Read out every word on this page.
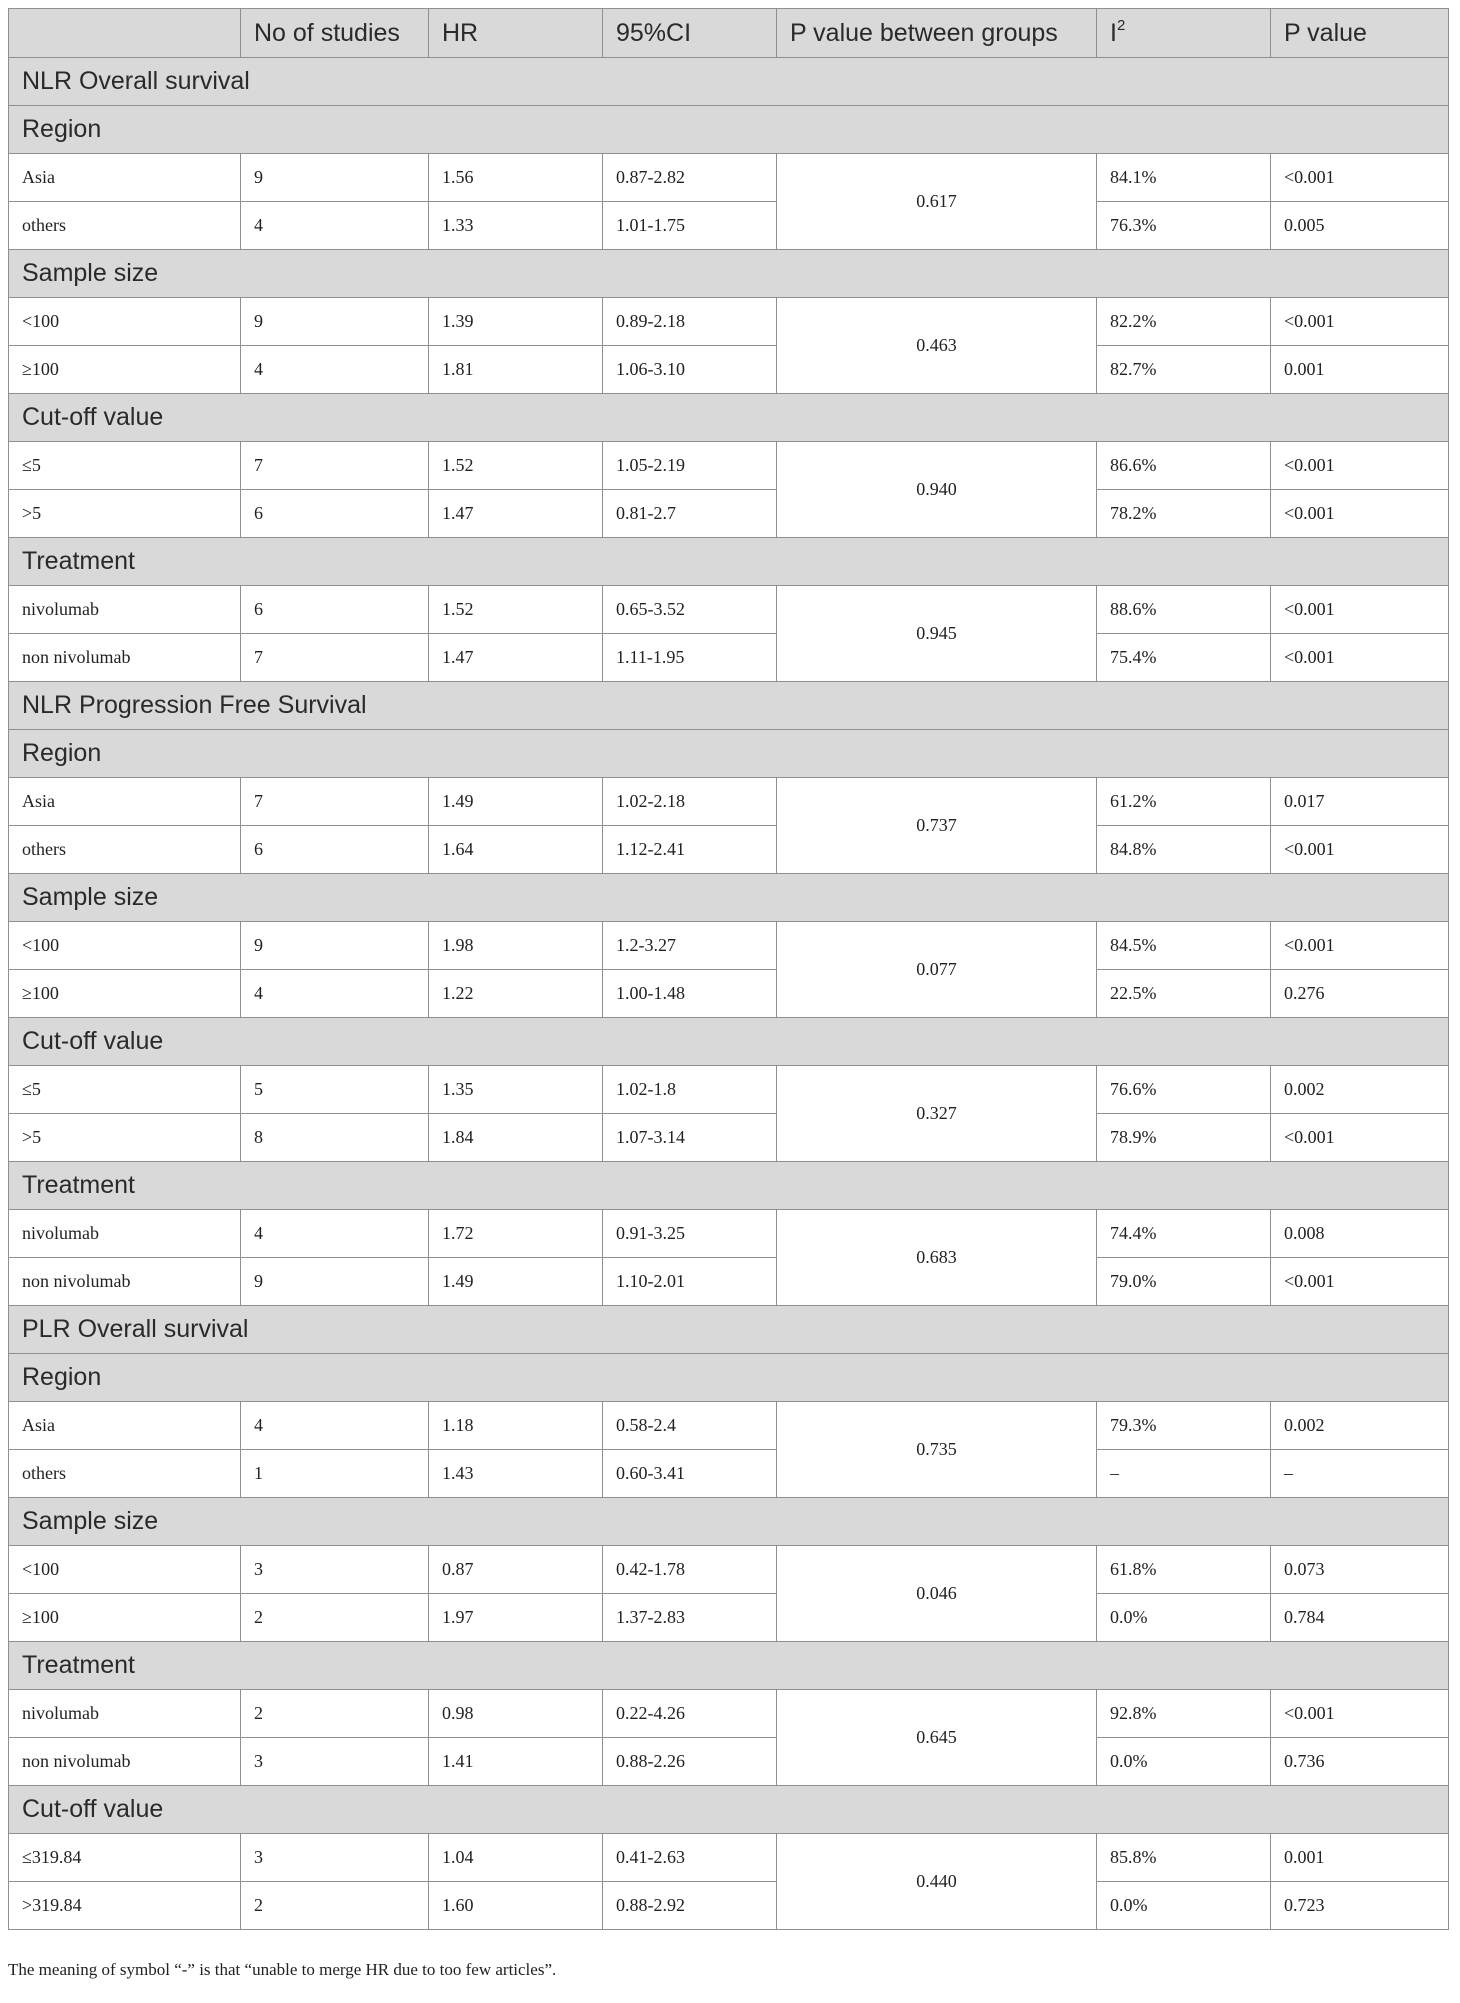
	No of studies	HR	95%CI	P value between groups	$I^2$	P value
NLR Overall survival						
Region						
Asia	9	1.56	0.87-2.82	0.617	84.1%	<0.001
others	4	1.33	1.01-1.75		76.3%	0.005
Sample size						
<100	9	1.39	0.89-2.18	0.463	82.2%	<0.001
≥100	4	1.81	1.06-3.10		82.7%	0.001
Cut-off value						
≤5	7	1.52	1.05-2.19	0.940	86.6%	<0.001
>5	6	1.47	0.81-2.7		78.2%	<0.001
Treatment						
nivolumab	6	1.52	0.65-3.52	0.945	88.6%	<0.001
non nivolumab	7	1.47	1.11-1.95		75.4%	<0.001
NLR Progression Free Survival						
Region						
Asia	7	1.49	1.02-2.18	0.737	61.2%	0.017
others	6	1.64	1.12-2.41		84.8%	<0.001
Sample size						
<100	9	1.98	1.2-3.27	0.077	84.5%	<0.001
≥100	4	1.22	1.00-1.48		22.5%	0.276
Cut-off value						
≤5	5	1.35	1.02-1.8	0.327	76.6%	0.002
>5	8	1.84	1.07-3.14		78.9%	<0.001
Treatment						
nivolumab	4	1.72	0.91-3.25	0.683	74.4%	0.008
non nivolumab	9	1.49	1.10-2.01		79.0%	<0.001
PLR Overall survival						
Region						
Asia	4	1.18	0.58-2.4	0.735	79.3%	0.002
others	1	1.43	0.60-3.41		–	–
Sample size						
<100	3	0.87	0.42-1.78	0.046	61.8%	0.073
≥100	2	1.97	1.37-2.83		0.0%	0.784
Treatment						
nivolumab	2	0.98	0.22-4.26	0.645	92.8%	<0.001
non nivolumab	3	1.41	0.88-2.26		0.0%	0.736
Cut-off value						
≤319.84	3	1.04	0.41-2.63	0.440	85.8%	0.001
>319.84	2	1.60	0.88-2.92		0.0%	0.723
The meaning of symbol “-” is that “unable to merge HR due to too few articles”.
